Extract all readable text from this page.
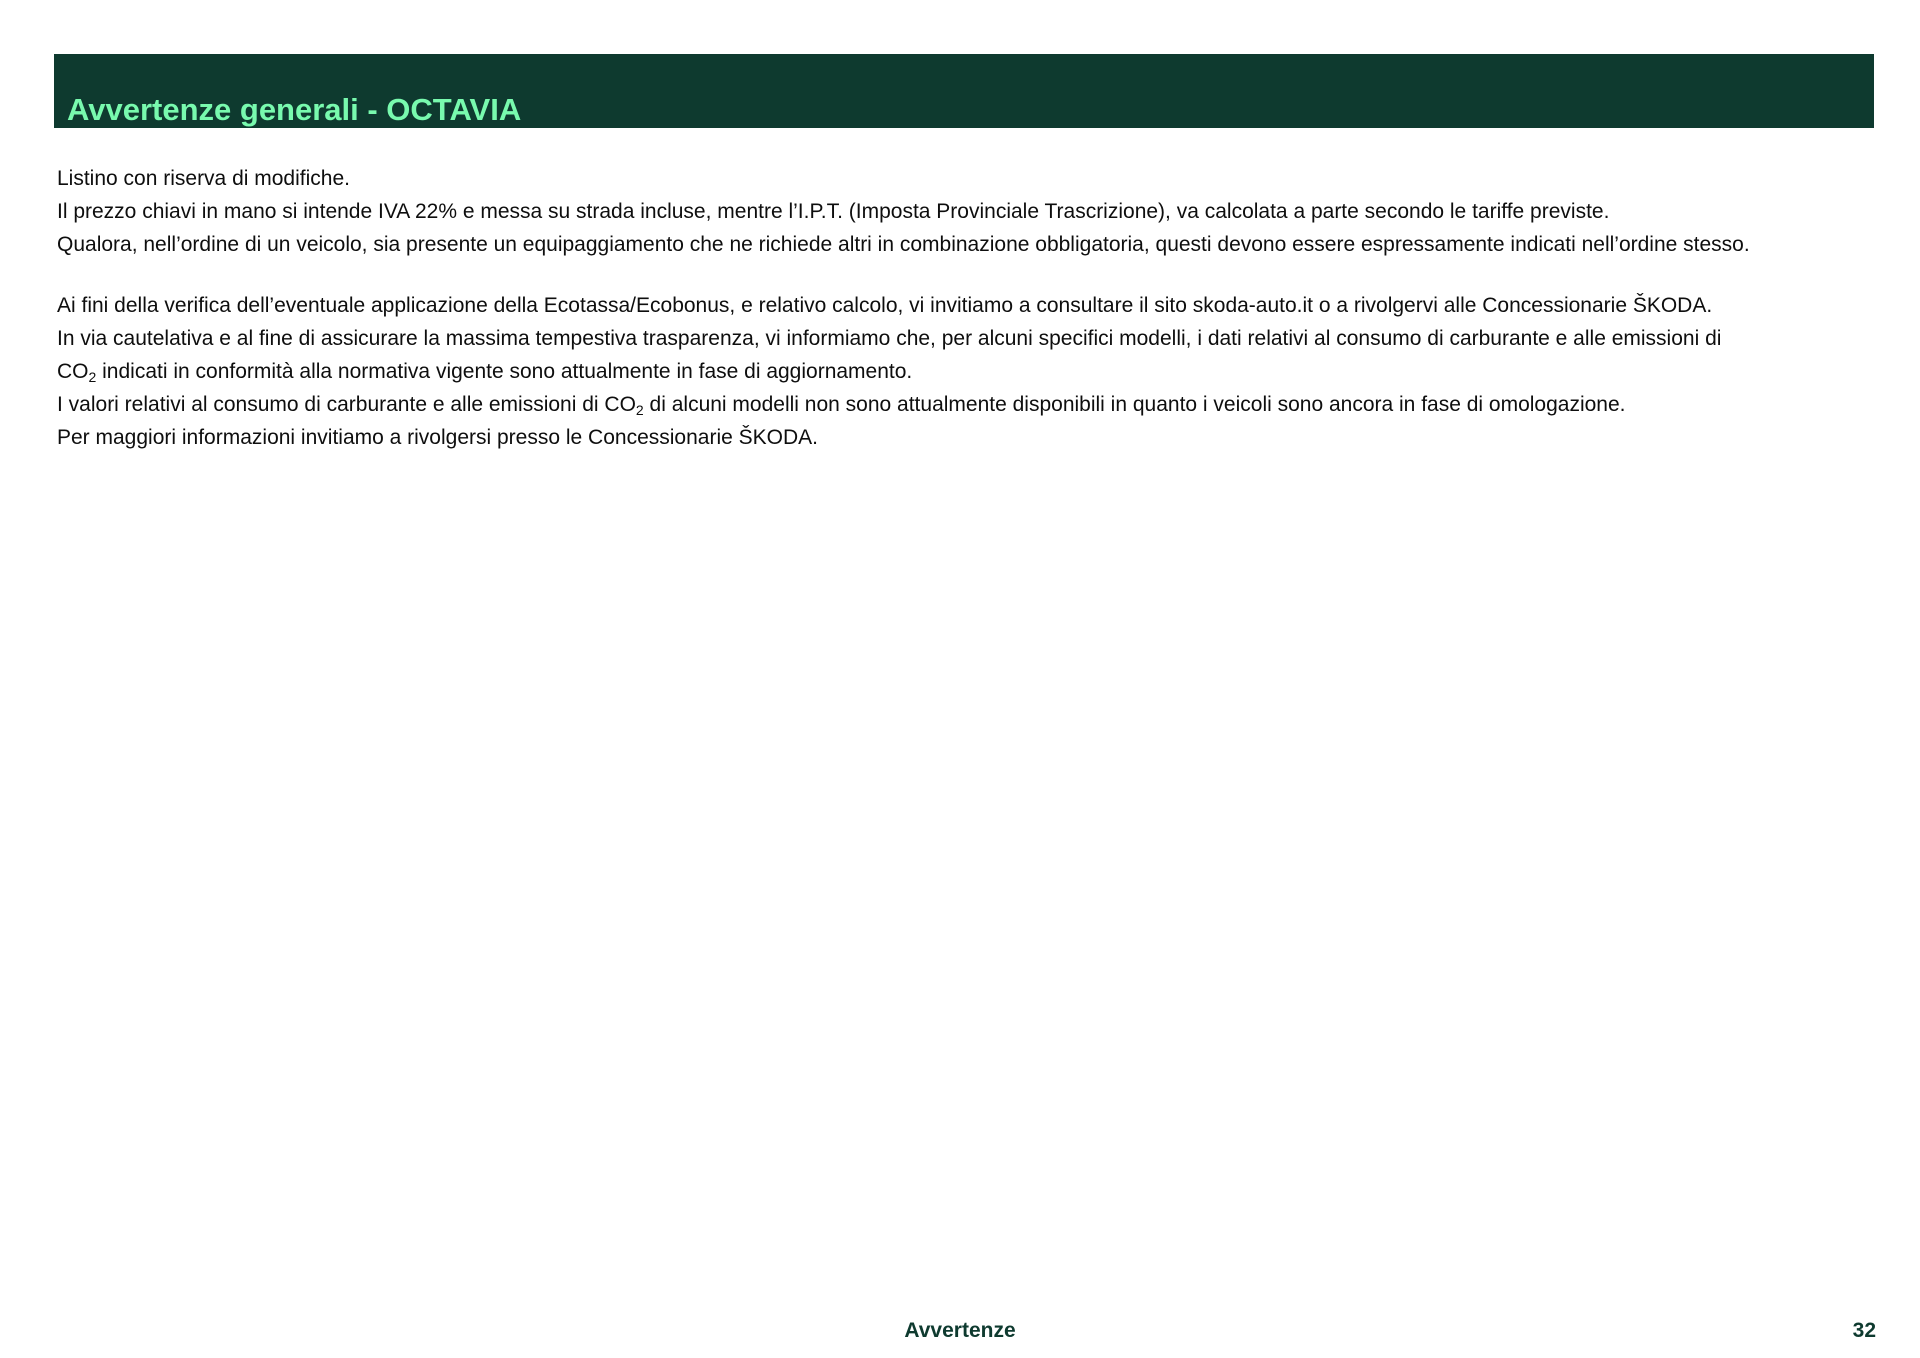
Avvertenze generali - OCTAVIA

Listino con riserva di modifiche.

Il prezzo chiavi in mano si intende IVA 22% e messa su strada incluse, mentre l’I.P.T. (Imposta Provinciale Trascrizione), va calcolata a parte secondo le tariffe previste.

Qualora, nell’ordine di un veicolo, sia presente un equipaggiamento che ne richiede altri in combinazione obbligatoria, questi devono essere espressamente indicati nell’ordine stesso.

Ai fini della verifica dell’eventuale applicazione della Ecotassa/Ecobonus, e relativo calcolo, vi invitiamo a consultare il sito skoda-auto.it o a rivolgervi alle Concessionarie ŠKODA.

In via cautelativa e al fine di assicurare la massima tempestiva trasparenza, vi informiamo che, per alcuni specifici modelli, i dati relativi al consumo di carburante e alle emissioni di

$CO_2$ indicati in conformità alla normativa vigente sono attualmente in fase di aggiornamento.

I valori relativi al consumo di carburante e alle emissioni di $CO_2$ di alcuni modelli non sono attualmente disponibili in quanto i veicoli sono ancora in fase di omologazione.

Per maggiori informazioni invitiamo a rivolgersi presso le Concessionarie ŠKODA.

Avvertenze	32
